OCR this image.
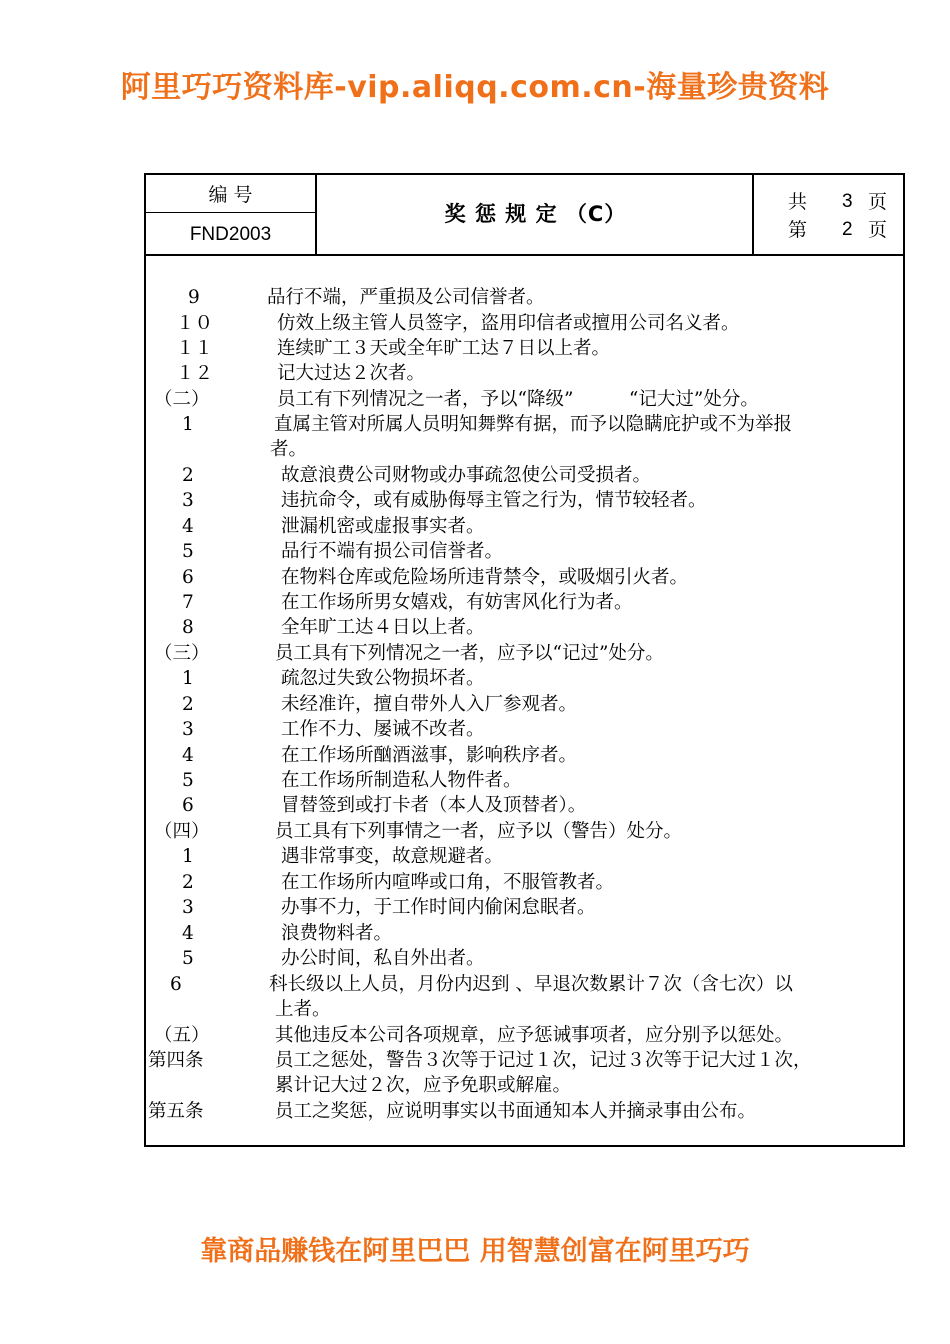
阿里巧巧资料库-vip.aliqq.com.cn-海量珍贵资料
编 号
FND2003
奖 惩 规 定 （C）	共 3 页
第 2 页
9	品行不端，严重损及公司信誉者。
１０	仿效上级主管人员签字，盗用印信者或擅用公司名义者。
１１	连续旷工３天或全年旷工达７日以上者。
１２	记大过达２次者。
（二）	员工有下列情况之一者，予以“降级”　　　“记大过”处分。
1	直属主管对所属人员明知舞弊有据，而予以隐瞒庇护或不为举报
者。
2	故意浪费公司财物或办事疏忽使公司受损者。
3	违抗命令，或有威胁侮辱主管之行为，情节较轻者。
4	泄漏机密或虚报事实者。
5	品行不端有损公司信誉者。
6	在物料仓库或危险场所违背禁令，或吸烟引火者。
7	在工作场所男女嬉戏，有妨害风化行为者。
8	全年旷工达４日以上者。
（三）	员工具有下列情况之一者，应予以“记过”处分。
1	疏忽过失致公物损坏者。
2	未经准许，擅自带外人入厂参观者。
3	工作不力、屡诫不改者。
4	在工作场所酗酒滋事，影响秩序者。
5	在工作场所制造私人物件者。
6	冒替签到或打卡者（本人及顶替者）。
（四）	员工具有下列事情之一者，应予以（警告）处分。
1	遇非常事变，故意规避者。
2	在工作场所内喧哗或口角，不服管教者。
3	办事不力，于工作时间内偷闲怠眠者。
4	浪费物料者。
5	办公时间，私自外出者。
6	科长级以上人员，月份内迟到 、早退次数累计７次（含七次）以
上者。
（五）	其他违反本公司各项规章，应予惩诫事项者，应分别予以惩处。
第四条	员工之惩处，警告３次等于记过１次，记过３次等于记大过１次，
累计记大过２次，应予免职或解雇。
第五条	员工之奖惩，应说明事实以书面通知本人并摘录事由公布。
靠商品赚钱在阿里巴巴 用智慧创富在阿里巧巧
